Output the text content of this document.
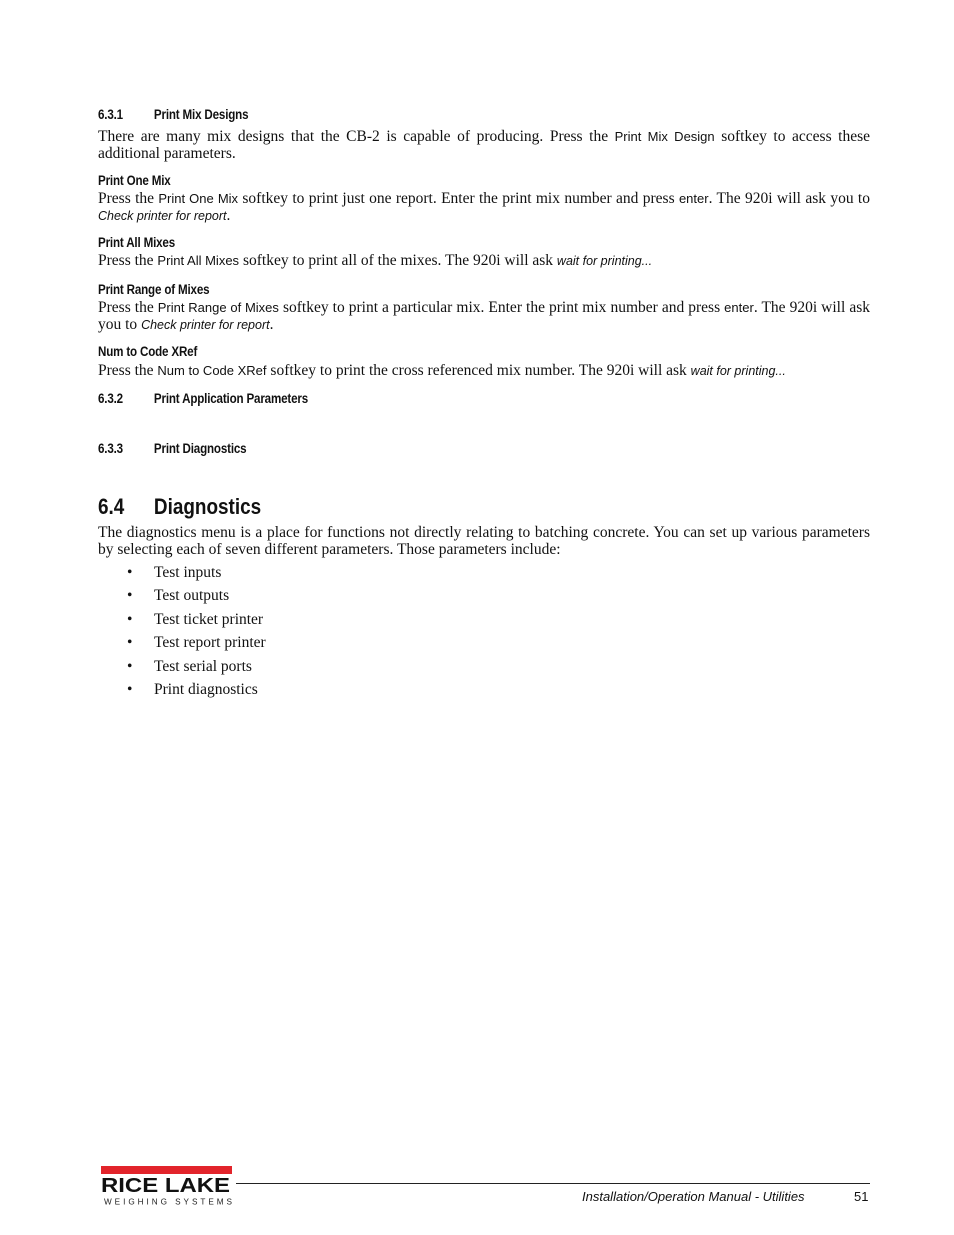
6.3.1 Print Mix Designs
There are many mix designs that the CB-2 is capable of producing. Press the Print Mix Design softkey to access these additional parameters.
Print One Mix
Press the Print One Mix softkey to print just one report. Enter the print mix number and press enter. The 920i will ask you to Check printer for report.
Print All Mixes
Press the Print All Mixes softkey to print all of the mixes. The 920i will ask wait for printing...
Print Range of Mixes
Press the Print Range of Mixes softkey to print a particular mix. Enter the print mix number and press enter. The 920i will ask you to Check printer for report.
Num to Code XRef
Press the Num to Code XRef softkey to print the cross referenced mix number. The 920i will ask wait for printing...
6.3.2 Print Application Parameters
6.3.3 Print Diagnostics
6.4 Diagnostics
The diagnostics menu is a place for functions not directly relating to batching concrete. You can set up various parameters by selecting each of seven different parameters. Those parameters include:
• Test inputs
• Test outputs
• Test ticket printer
• Test report printer
• Test serial ports
• Print diagnostics
RICE LAKE
WEIGHING SYSTEMS	Installation/Operation Manual - Utilities	51
